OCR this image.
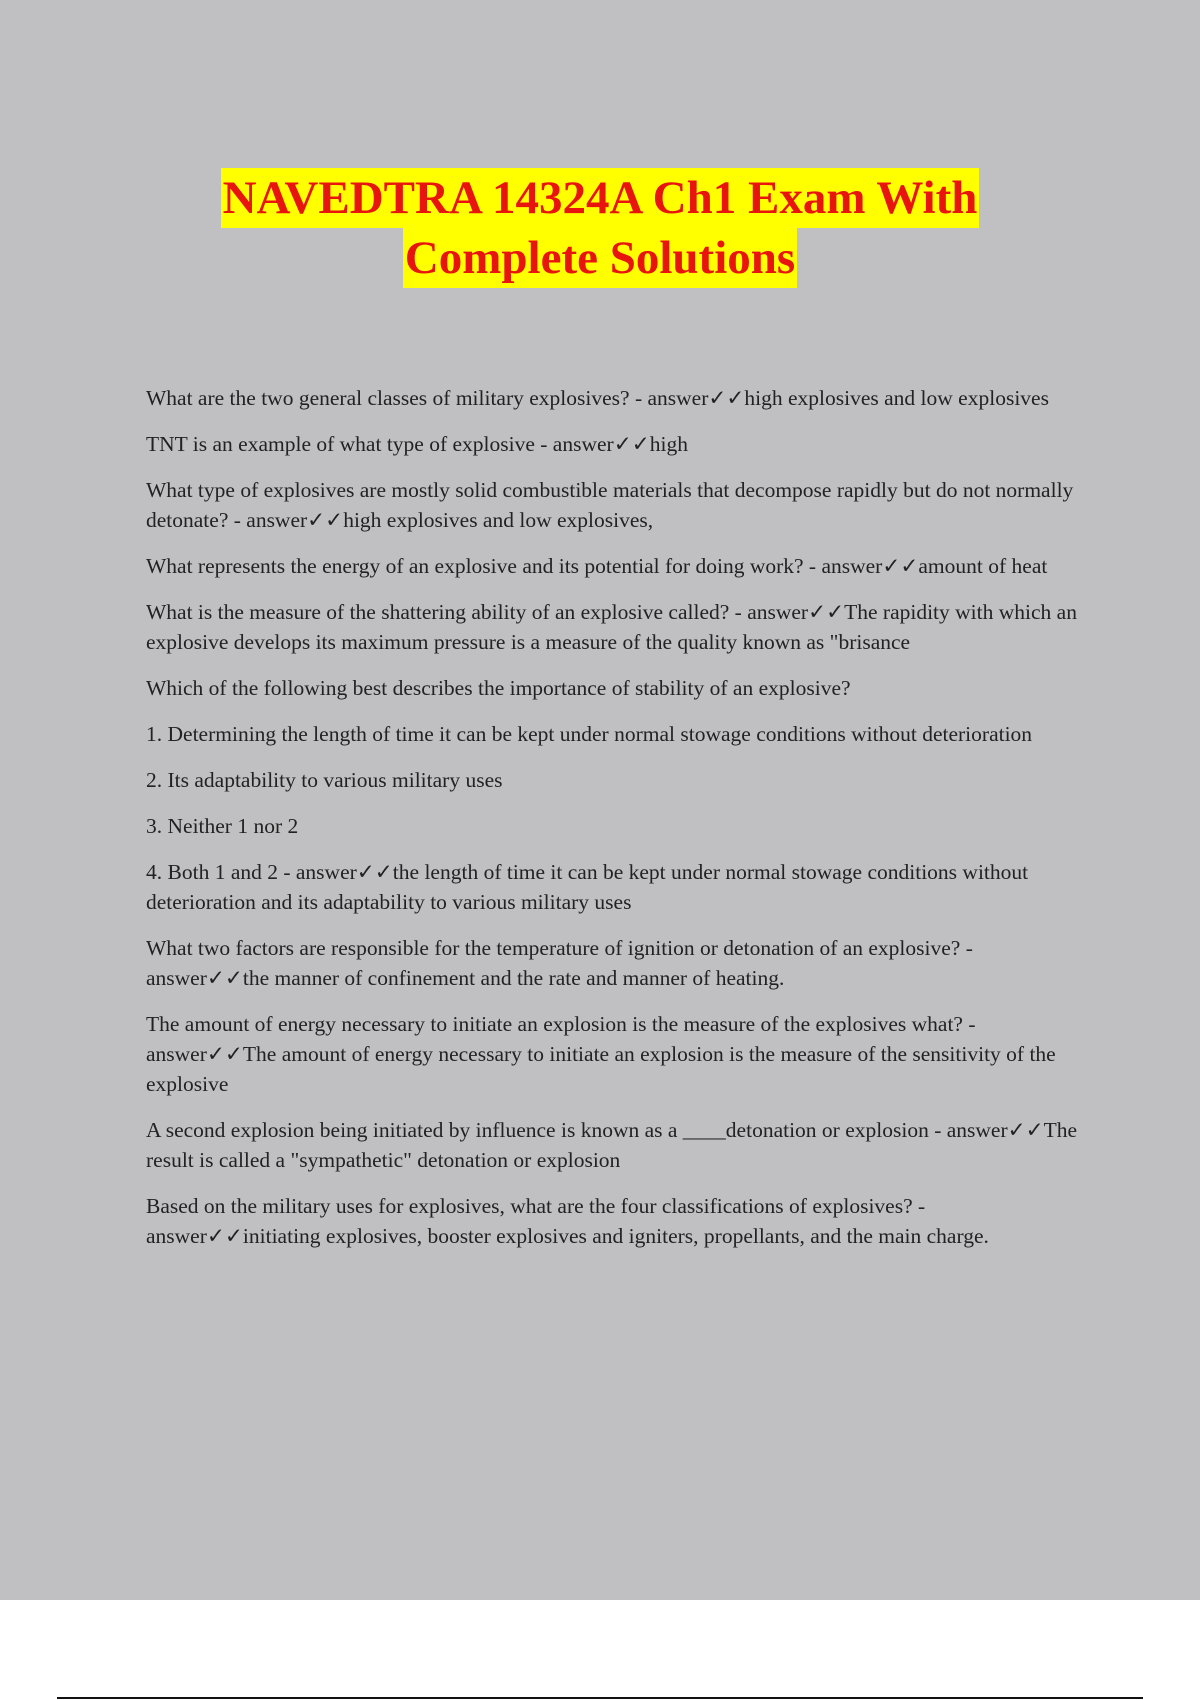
NAVEDTRA 14324A Ch1 Exam With
Complete Solutions

What are the two general classes of military explosives? - answer✓✓high explosives and low explosives

TNT is an example of what type of explosive - answer✓✓high

What type of explosives are mostly solid combustible materials that decompose rapidly but do not normally detonate? - answer✓✓high explosives and low explosives,

What represents the energy of an explosive and its potential for doing work? - answer✓✓amount of heat

What is the measure of the shattering ability of an explosive called? - answer✓✓The rapidity with which an explosive develops its maximum pressure is a measure of the quality known as "brisance

Which of the following best describes the importance of stability of an explosive?

1. Determining the length of time it can be kept under normal stowage conditions without deterioration

2. Its adaptability to various military uses

3. Neither 1 nor 2

4. Both 1 and 2 - answer✓✓the length of time it can be kept under normal stowage conditions without deterioration and its adaptability to various military uses

What two factors are responsible for the temperature of ignition or detonation of an explosive? - answer✓✓the manner of confinement and the rate and manner of heating.

The amount of energy necessary to initiate an explosion is the measure of the explosives what? - answer✓✓The amount of energy necessary to initiate an explosion is the measure of the sensitivity of the explosive

A second explosion being initiated by influence is known as a ____detonation or explosion - answer✓✓The result is called a "sympathetic" detonation or explosion

Based on the military uses for explosives, what are the four classifications of explosives? - answer✓✓initiating explosives, booster explosives and igniters, propellants, and the main charge.
